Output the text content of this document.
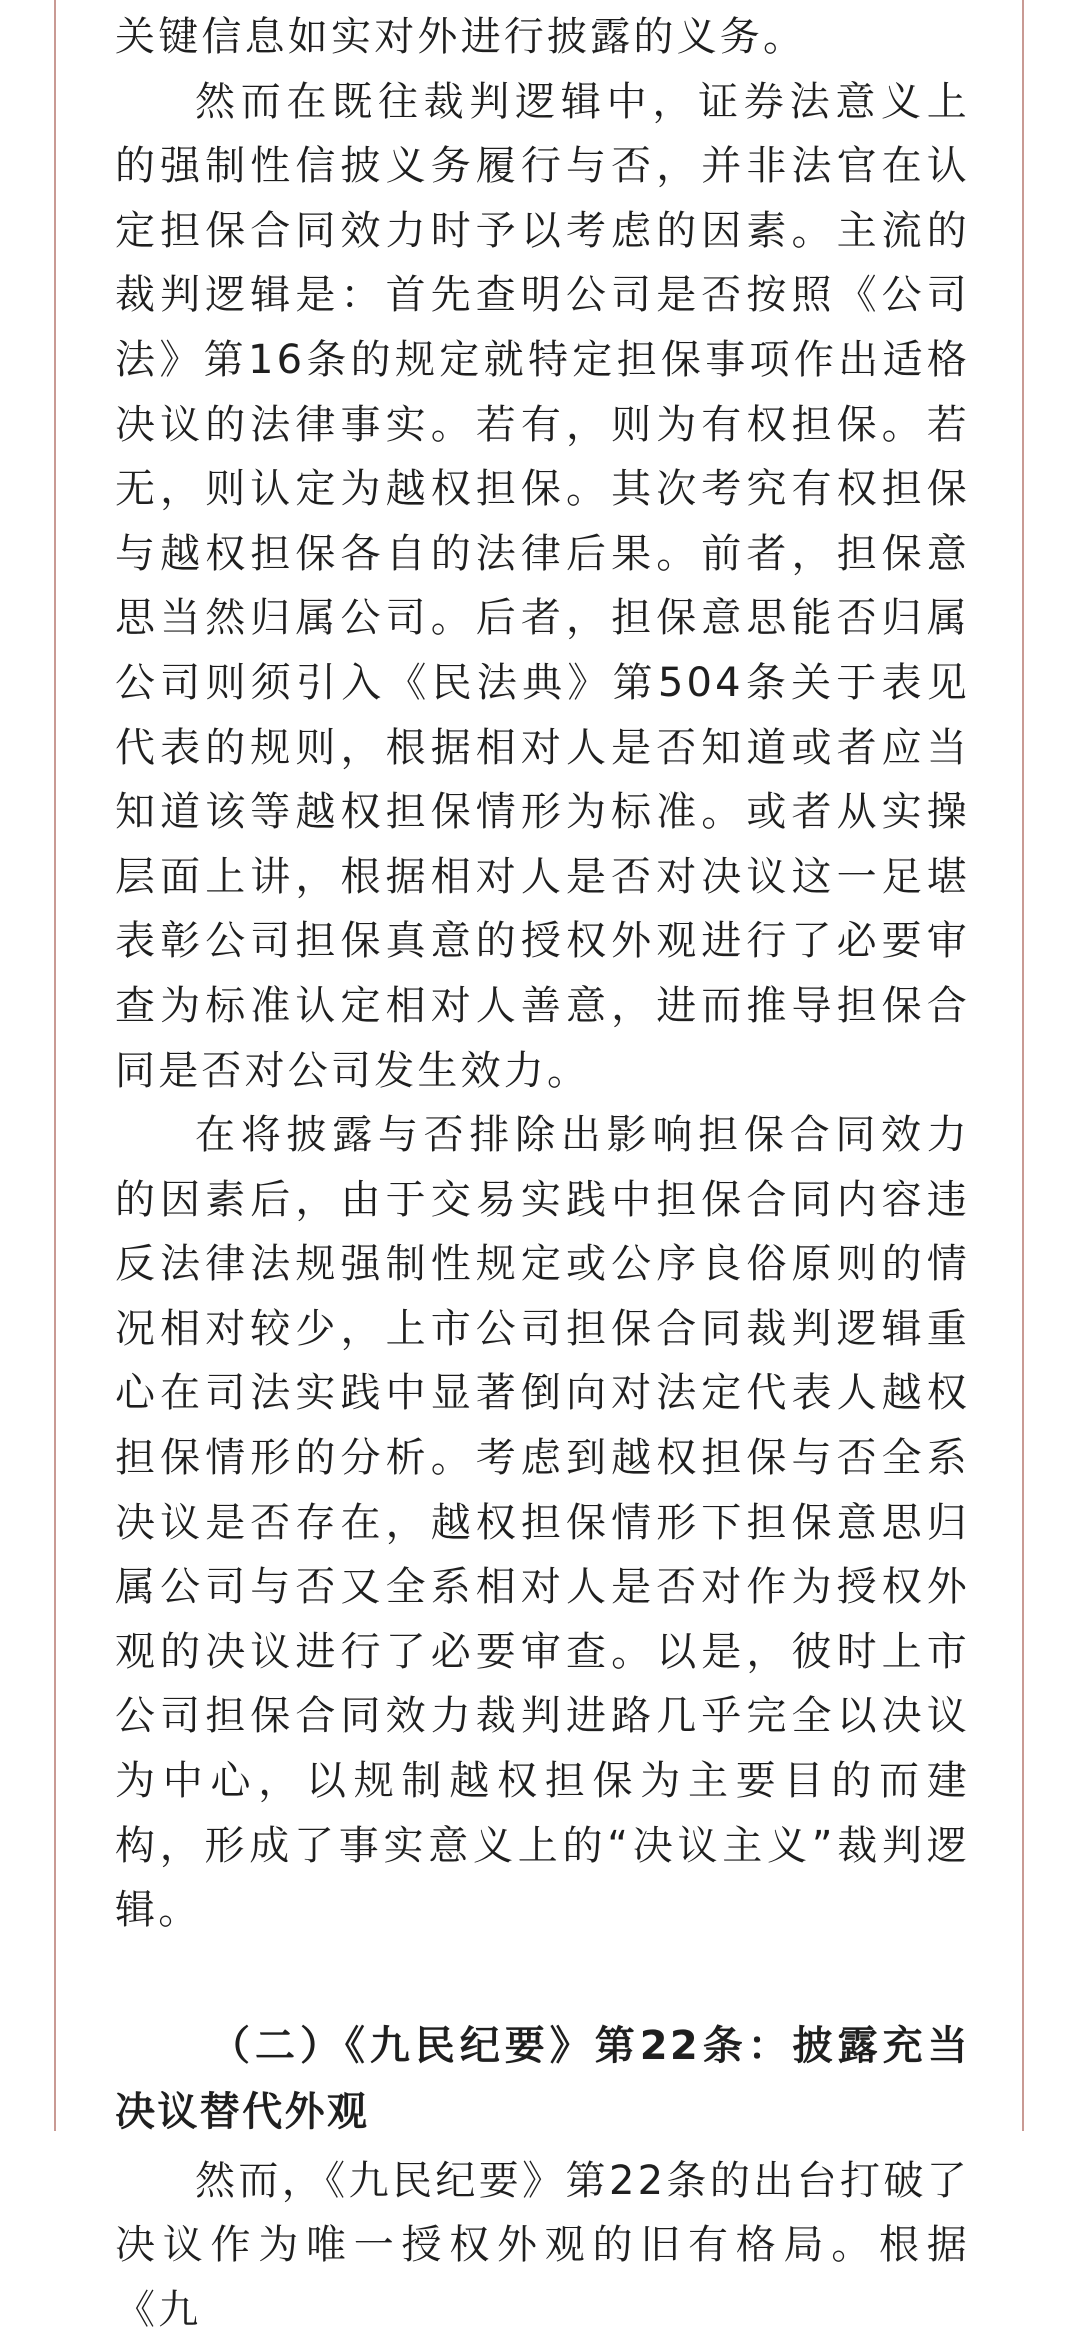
关键信息如实对外进行披露的义务。

然而在既往裁判逻辑中，证券法意义上的强制性信披义务履行与否，并非法官在认定担保合同效力时予以考虑的因素。主流的裁判逻辑是：首先查明公司是否按照《公司法》第16条的规定就特定担保事项作出适格决议的法律事实。若有，则为有权担保。若无，则认定为越权担保。其次考究有权担保与越权担保各自的法律后果。前者，担保意思当然归属公司。后者，担保意思能否归属公司则须引入《民法典》第504条关于表见代表的规则，根据相对人是否知道或者应当知道该等越权担保情形为标准。或者从实操层面上讲，根据相对人是否对决议这一足堪表彰公司担保真意的授权外观进行了必要审查为标准认定相对人善意，进而推导担保合同是否对公司发生效力。

在将披露与否排除出影响担保合同效力的因素后，由于交易实践中担保合同内容违反法律法规强制性规定或公序良俗原则的情况相对较少，上市公司担保合同裁判逻辑重心在司法实践中显著倒向对法定代表人越权担保情形的分析。考虑到越权担保与否全系决议是否存在，越权担保情形下担保意思归属公司与否又全系相对人是否对作为授权外观的决议进行了必要审查。以是，彼时上市公司担保合同效力裁判进路几乎完全以决议为中心，以规制越权担保为主要目的而建构，形成了事实意义上的“决议主义”裁判逻辑。

（二）《九民纪要》第22条：披露充当决议替代外观

然而，《九民纪要》第22条的出台打破了决议作为唯一授权外观的旧有格局。根据《九
